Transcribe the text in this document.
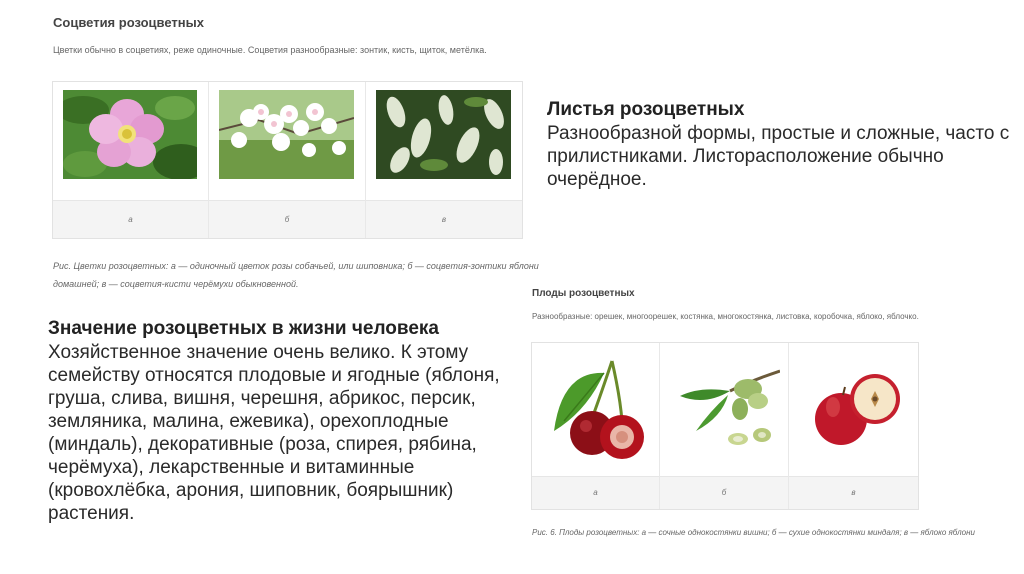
Соцветия розоцветных
Цветки обычно в соцветиях, реже одиночные. Соцветия разнообразные: зонтик, кисть, щиток, метёлка.
а	б	в
Рис. Цветки розоцветных: а — одиночный цветок розы собачьей, или шиповника; б — соцветия-зонтики яблони
домашней; в — соцветия-кисти черёмухи обыкновенной.
Листья розоцветных
Разнообразной формы, простые и сложные, часто с
прилистниками. Листорасположение обычно
очерёдное.
Плоды розоцветных
Разнообразные: орешек, многоорешек, костянка, многокостянка, листовка, коробочка, яблоко, яблочко.
а	б	в
Рис. 6. Плоды розоцветных: а — сочные однокостянки вишни; б — сухие однокостянки миндаля; в — яблоко яблони
Значение розоцветных в жизни человека
Хозяйственное значение очень велико. К этому
семейству относятся плодовые и ягодные (яблоня,
груша, слива, вишня, черешня, абрикос, персик,
земляника, малина, ежевика), орехоплодные
(миндаль), декоративные (роза, спирея, рябина,
черёмуха), лекарственные и витаминные
(кровохлёбка, арония, шиповник, боярышник)
растения.
